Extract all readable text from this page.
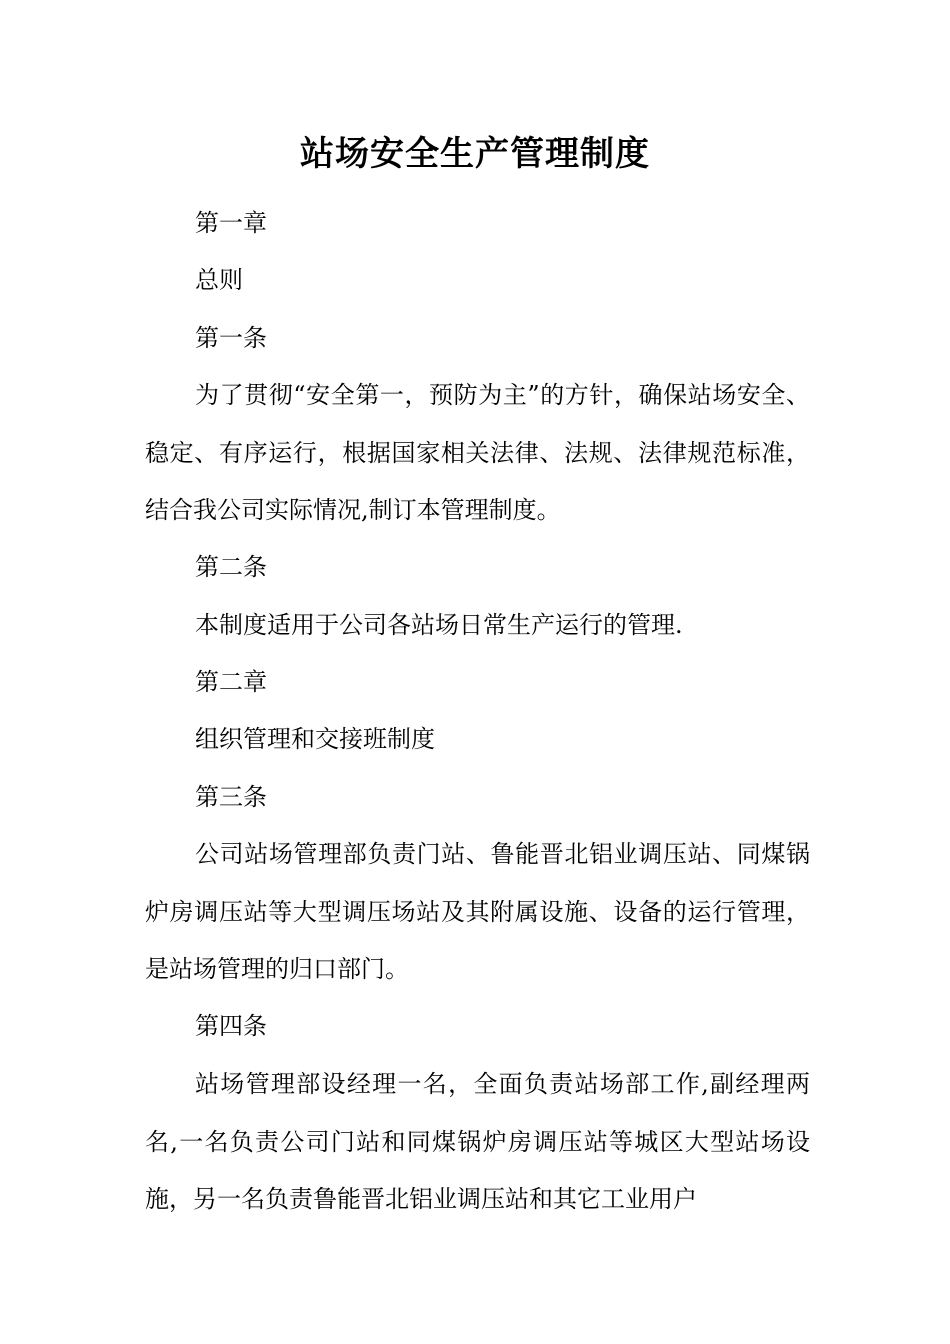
站场安全生产管理制度

第一章

总则

第一条

为了贯彻“安全第一，预防为主”的方针，确保站场安全、稳定、有序运行，根据国家相关法律、法规、法律规范标准，结合我公司实际情况,制订本管理制度。

第二条

本制度适用于公司各站场日常生产运行的管理.

第二章

组织管理和交接班制度

第三条

公司站场管理部负责门站、鲁能晋北铝业调压站、同煤锅炉房调压站等大型调压场站及其附属设施、设备的运行管理，是站场管理的归口部门。

第四条

站场管理部设经理一名，全面负责站场部工作,副经理两名,一名负责公司门站和同煤锅炉房调压站等城区大型站场设施，另一名负责鲁能晋北铝业调压站和其它工业用户
